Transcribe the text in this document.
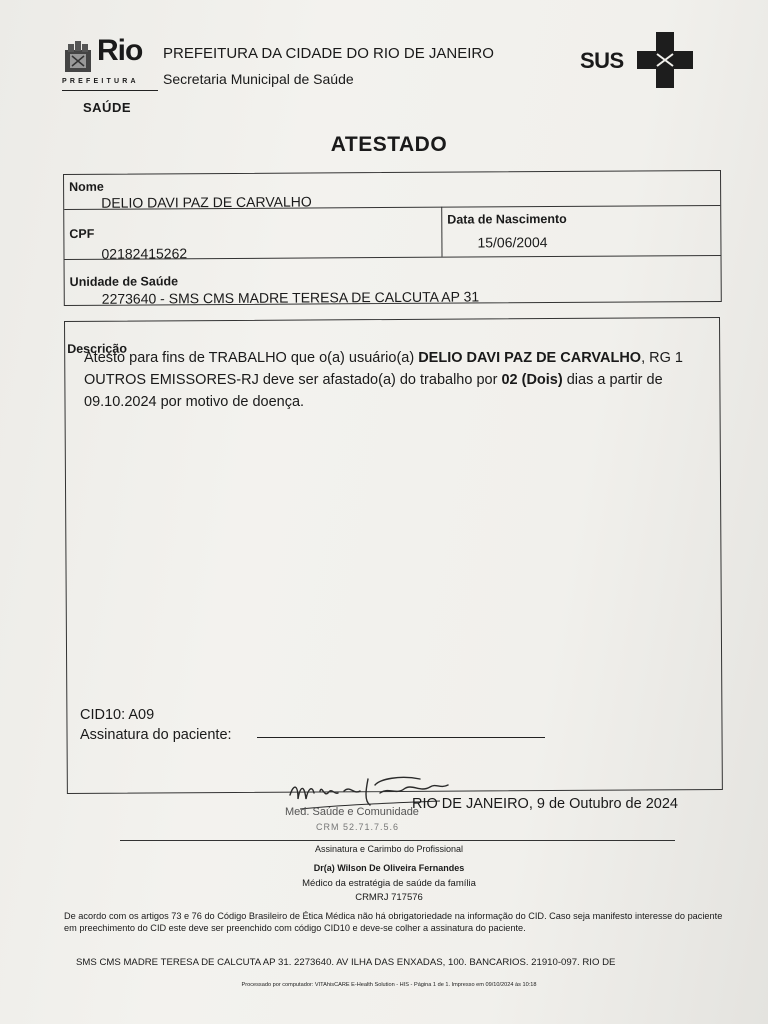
Rio
PREFEITURA
SAÚDE
PREFEITURA DA CIDADE DO RIO DE JANEIRO
Secretaria Municipal de Saúde
SUS
ATESTADO
Nome
DELIO DAVI PAZ DE CARVALHO
CPF
02182415262
Data de Nascimento
15/06/2004
Unidade de Saúde
2273640 - SMS CMS MADRE TERESA DE CALCUTA AP 31
Descrição
Atesto para fins de TRABALHO que o(a) usuário(a) DELIO DAVI PAZ DE CARVALHO, RG 1 OUTROS EMISSORES-RJ deve ser afastado(a) do trabalho por 02 (Dois) dias a partir de 09.10.2024 por motivo de doença.
CID10: A09
Assinatura do paciente:
Med. Saúde e Comunidade
CRM 52.71.7.5.6
RIO DE JANEIRO, 9 de Outubro de 2024
Assinatura e Carimbo do Profissional
Dr(a) Wilson De Oliveira Fernandes
Médico da estratégia de saúde da família
CRMRJ 717576
De acordo com os artigos 73 e 76 do Código Brasileiro de Ética Médica não há obrigatoriedade na informação do CID. Caso seja manifesto interesse do paciente em preechimento do CID este deve ser preenchido com código CID10 e deve-se colher a assinatura do paciente.
SMS CMS MADRE TERESA DE CALCUTA AP 31. 2273640. AV ILHA DAS ENXADAS, 100. BANCARIOS. 21910-097. RIO DE
Processado por computador: VITAhisCARE E-Health Solution - HIS - Página 1 de 1. Impresso em 09/10/2024 às 10:18
